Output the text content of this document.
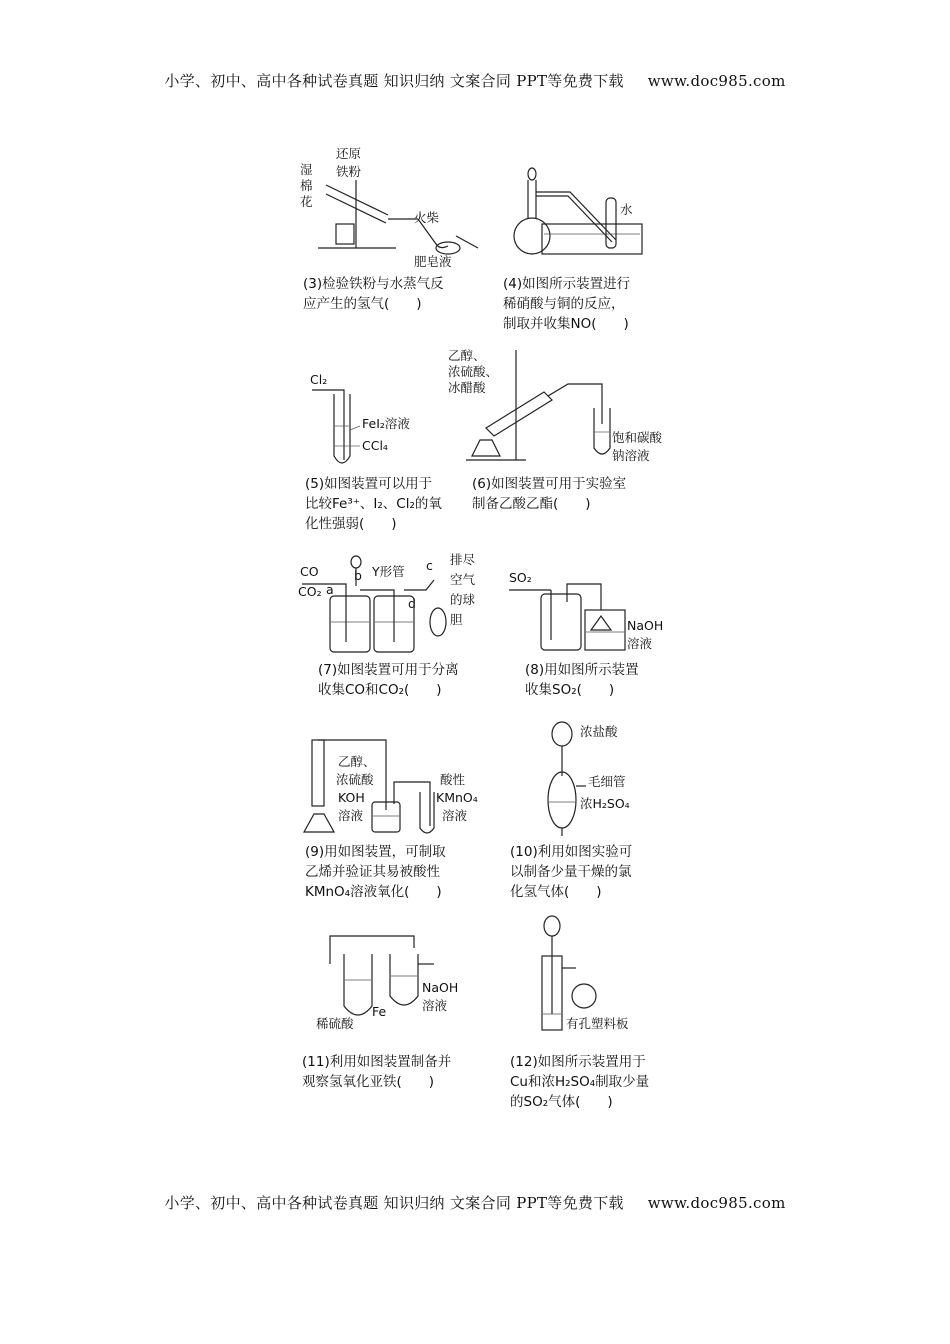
小学、初中、高中各种试卷真题 知识归纳 文案合同 PPT等免费下载 www.doc985.com
湿
棉
花
还原
铁粉
火柴
肥皂液
(3)检验铁粉与水蒸气反
应产生的氢气(　　)
水
(4)如图所示装置进行
稀硝酸与铜的反应，
制取并收集NO(　　)
Cl₂
FeI₂溶液
CCl₄
(5)如图装置可以用于
比较Fe³⁺、I₂、Cl₂的氧
化性强弱(　　)
乙醇、
浓硫酸、
冰醋酸
饱和碳酸
钠溶液
(6)如图装置可用于实验室
制备乙酸乙酯(　　)
CO
CO₂ a
b Y形管 c
d
排尽
空气
的球
胆
(7)如图装置可用于分离
收集CO和CO₂(　　)
SO₂
NaOH
溶液
(8)用如图所示装置
收集SO₂(　　)
乙醇、
浓硫酸
KOH
溶液
酸性
KMnO₄
溶液
(9)用如图装置，可制取
乙烯并验证其易被酸性
KMnO₄溶液氧化(　　)
浓盐酸
毛细管
浓H₂SO₄
(10)利用如图实验可
以制备少量干燥的氯
化氢气体(　　)
NaOH
溶液
稀硫酸
Fe
(11)利用如图装置制备并
观察氢氧化亚铁(　　)
有孔塑料板
(12)如图所示装置用于
Cu和浓H₂SO₄制取少量
的SO₂气体(　　)
小学、初中、高中各种试卷真题 知识归纳 文案合同 PPT等免费下载 www.doc985.com
